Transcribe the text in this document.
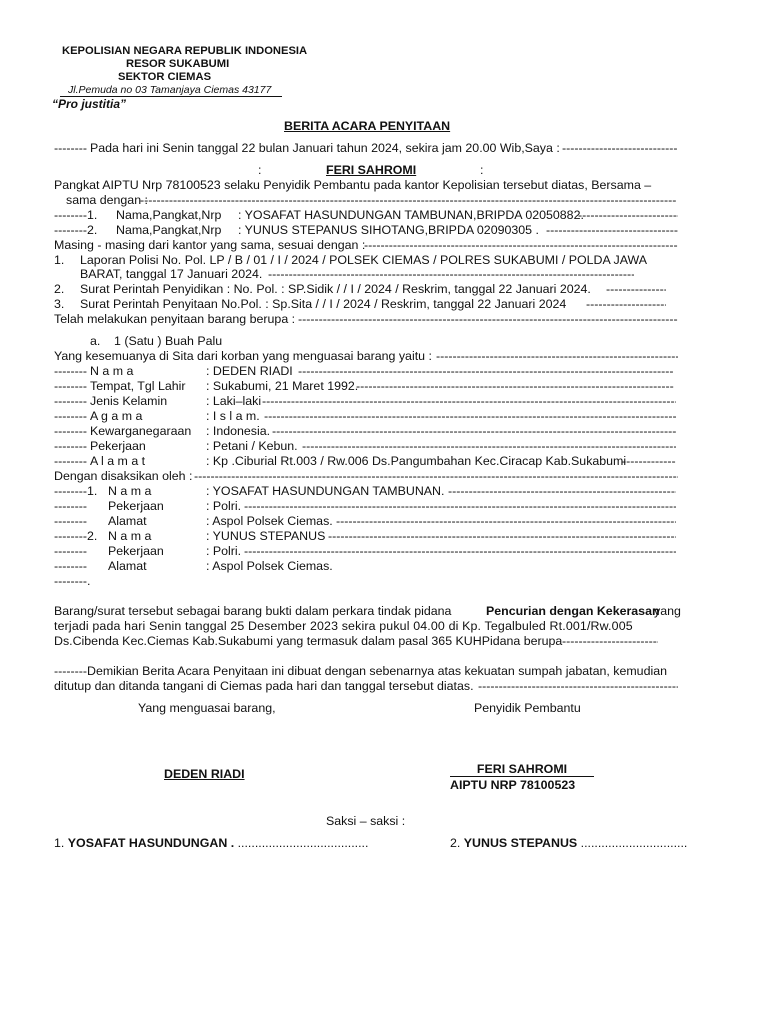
KEPOLISIAN NEGARA REPUBLIK INDONESIA
RESOR SUKABUMI
SEKTOR CIEMAS
Jl.Pemuda no 03 Tamanjaya Ciemas 43177
“Pro justitia”
BERITA ACARA PENYITAAN
-------- Pada hari ini Senin tanggal 22 bulan Januari tahun 2024, sekira jam 20.00 Wib,Saya :
-----
:	FERI SAHROMI	:
Pangkat AIPTU Nrp 78100523 selaku Penyidik Pembantu pada kantor Kepolisian tersebut diatas, Bersama –
sama dengan :
-----
--------1. Nama,Pangkat,Nrp : YOSAFAT HASUNDUNGAN TAMBUNAN,BRIPDA 02050882.
-----
--------2. Nama,Pangkat,Nrp : YUNUS STEPANUS SIHOTANG,BRIPDA 02090305 .
-----
Masing - masing dari kantor yang sama, sesuai dengan :
-----
1. Laporan Polisi No. Pol. LP / B / 01 / I / 2024 / POLSEK CIEMAS / POLRES SUKABUMI / POLDA JAWA
BARAT, tanggal 17 Januari 2024.
-----
2. Surat Perintah Penyidikan : No. Pol. : SP.Sidik / / I / 2024 / Reskrim, tanggal 22 Januari 2024.
-----
3. Surat Perintah Penyitaan No.Pol. : Sp.Sita / / I / 2024 / Reskrim, tanggal 22 Januari 2024
-----
Telah melakukan penyitaan barang berupa :
-----
a. 1 (Satu ) Buah Palu
Yang kesemuanya di Sita dari korban yang menguasai barang yaitu :
-----
-------- N a m a	: DEDEN RIADI
-----
-------- Tempat, Tgl Lahir : Sukabumi, 21 Maret 1992.
-----
-------- Jenis Kelamin	: Laki–laki
-----
-------- A g a m a	: I s l a m.
-----
-------- Kewarganegaraan : Indonesia.
-----
-------- Pekerjaan	: Petani / Kebun.
-----
-------- A l a m a t	: Kp .Ciburial Rt.003 / Rw.006 Ds.Pangumbahan Kec.Ciracap Kab.Sukabumi
-----
Dengan disaksikan oleh :
-----
--------1. N a m a	: YOSAFAT HASUNDUNGAN TAMBUNAN.
-----
-------- Pekerjaan	: Polri.
-----
-------- Alamat	: Aspol Polsek Ciemas.
-----
--------2. N a m a	: YUNUS STEPANUS
-----
-------- Pekerjaan	: Polri.
-----
-------- Alamat	: Aspol Polsek Ciemas.
--------.
Barang/surat tersebut sebagai barang bukti dalam perkara tindak pidana	Pencurian dengan Kekerasan
yang
terjadi pada hari Senin tanggal 25 Desember 2023 sekira pukul 04.00 di Kp. Tegalbuled Rt.001/Rw.005
Ds.Cibenda Kec.Ciemas Kab.Sukabumi yang termasuk dalam pasal 365 KUHPidana berupa
-----
--------Demikian Berita Acara Penyitaan ini dibuat dengan sebenarnya atas kekuatan sumpah jabatan, kemudian
ditutup dan ditanda tangani di Ciemas pada hari dan tanggal tersebut diatas.
-----
Yang menguasai barang,	Penyidik Pembantu
DEDEN RIADI	FERI SAHROMI
AIPTU NRP 78100523
Saksi – saksi :
1. YOSAFAT HASUNDUNGAN . ......................................	2. YUNUS STEPANUS ...............................
